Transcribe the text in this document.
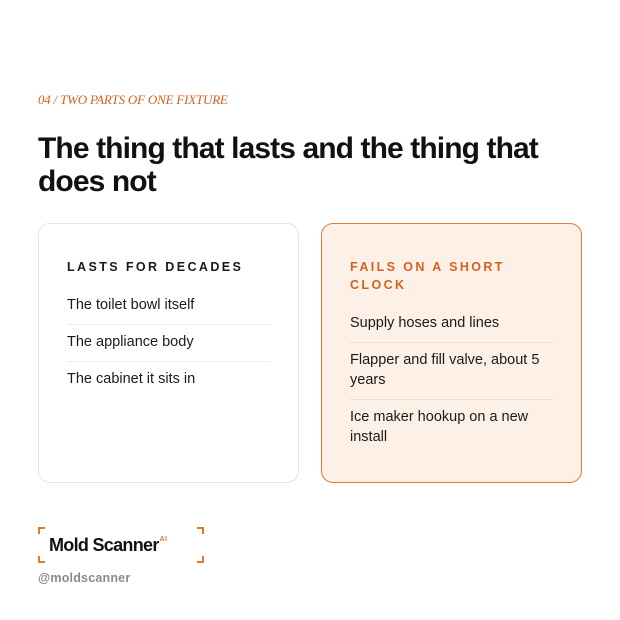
04 / TWO PARTS OF ONE FIXTURE
The thing that lasts and the thing that does not
LASTS FOR DECADES
The toilet bowl itself
The appliance body
The cabinet it sits in
FAILS ON A SHORT CLOCK
Supply hoses and lines
Flapper and fill valve, about 5 years
Ice maker hookup on a new install
Mold Scanner$^{AI}$
@moldscanner
